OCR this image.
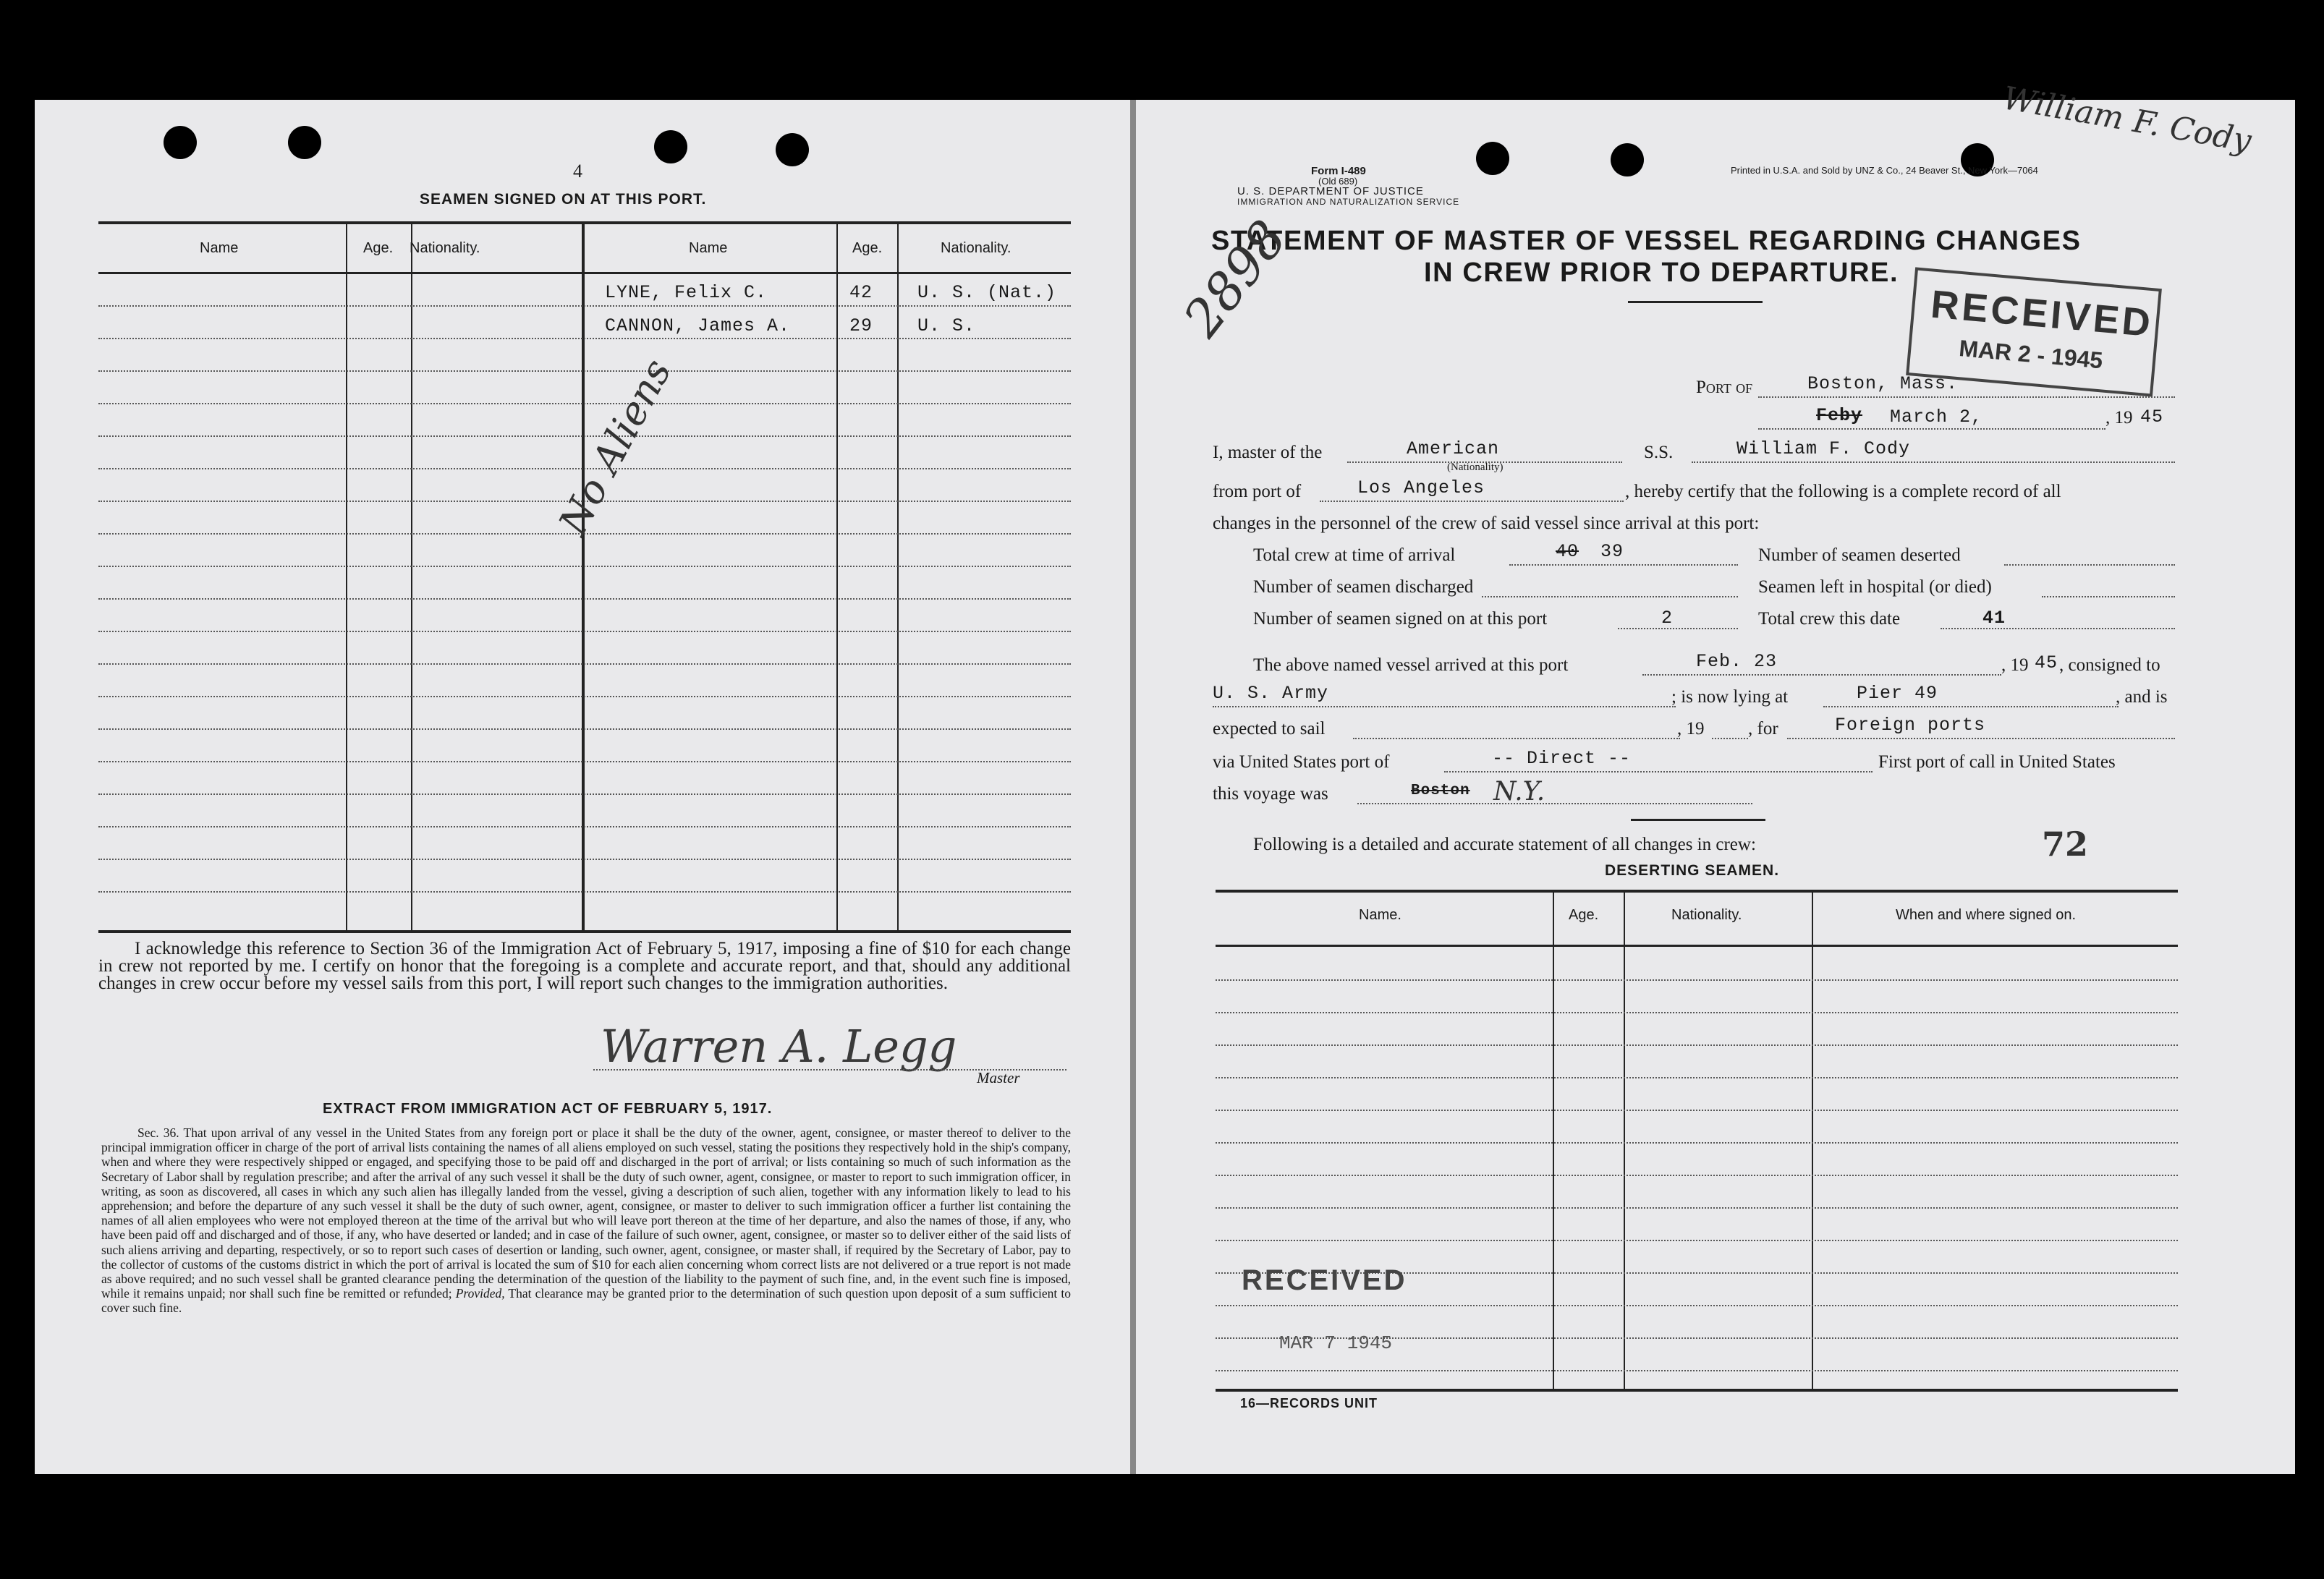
4
SEAMEN SIGNED ON AT THIS PORT.
Name	Age. Nationality.	Name	Age.	Nationality.
LYNE, Felix C.	42 U. S. (Nat.)
CANNON, James A.	29 U. S.
No Aliens
I acknowledge this reference to Section 36 of the Immigration Act of February 5, 1917, imposing a fine of $10 for each change in crew not reported by me. I certify on honor that the foregoing is a complete and accurate report, and that, should any additional changes in crew occur before my vessel sails from this port, I will report such changes to the immigration authorities.
Warren A. Legg
Master
EXTRACT FROM IMMIGRATION ACT OF FEBRUARY 5, 1917.
Sec. 36. That upon arrival of any vessel in the United States from any foreign port or place it shall be the duty of the owner, agent, consignee, or master thereof to deliver to the principal immigration officer in charge of the port of arrival lists containing the names of all aliens employed on such vessel, stating the positions they respectively hold in the ship's company, when and where they were respectively shipped or engaged, and specifying those to be paid off and discharged in the port of arrival; or lists containing so much of such information as the Secretary of Labor shall by regulation prescribe; and after the arrival of any such vessel it shall be the duty of such owner, agent, consignee, or master to report to such immigration officer, in writing, as soon as discovered, all cases in which any such alien has illegally landed from the vessel, giving a description of such alien, together with any information likely to lead to his apprehension; and before the departure of any such vessel it shall be the duty of such owner, agent, consignee, or master to deliver to such immigration officer a further list containing the names of all alien employees who were not employed thereon at the time of the arrival but who will leave port thereon at the time of her departure, and also the names of those, if any, who have been paid off and discharged and of those, if any, who have deserted or landed; and in case of the failure of such owner, agent, consignee, or master so to deliver either of the said lists of such aliens arriving and departing, respectively, or so to report such cases of desertion or landing, such owner, agent, consignee, or master shall, if required by the Secretary of Labor, pay to the collector of customs of the customs district in which the port of arrival is located the sum of $10 for each alien concerning whom correct lists are not delivered or a true report is not made as above required; and no such vessel shall be granted clearance pending the determination of the question of the liability to the payment of such fine, and, in the event such fine is imposed, while it remains unpaid; nor shall such fine be remitted or refunded; Provided, That clearance may be granted prior to the determination of such question upon deposit of a sum sufficient to cover such fine.
Form I-489
(Old 689)
U. S. DEPARTMENT OF JUSTICE
IMMIGRATION AND NATURALIZATION SERVICE
Printed in U.S.A. and Sold by UNZ & Co., 24 Beaver St., New York—7064
William F. Cody
STATEMENT OF MASTER OF VESSEL REGARDING CHANGES
IN CREW PRIOR TO DEPARTURE.
2898	RECEIVED
MAR 2 - 1945
Port of	Boston, Mass.
Feby March 2,	, 19 45
I, master of the	American
(Nationality)
S.S.	William F. Cody
from port of	Los Angeles	, hereby certify that the following is a complete record of all
changes in the personnel of the crew of said vessel since arrival at this port:
Total crew at time of arrival	40 39	Number of seamen deserted
Number of seamen discharged	Seamen left in hospital (or died)
Number of seamen signed on at this port	2	Total crew this date	41
The above named vessel arrived at this port	Feb. 23	, 19 45 , consigned to
U. S. Army	; is now lying at	Pier 49	, and is
expected to sail	, 19 , for	Foreign ports
via United States port of	-- Direct --	First port of call in United States
this voyage was	Boston N.Y.
Following is a detailed and accurate statement of all changes in crew:	72
DESERTING SEAMEN.
Name.	Age.	Nationality.	When and where signed on.
RECEIVED
MAR 7 1945
16—RECORDS UNIT
